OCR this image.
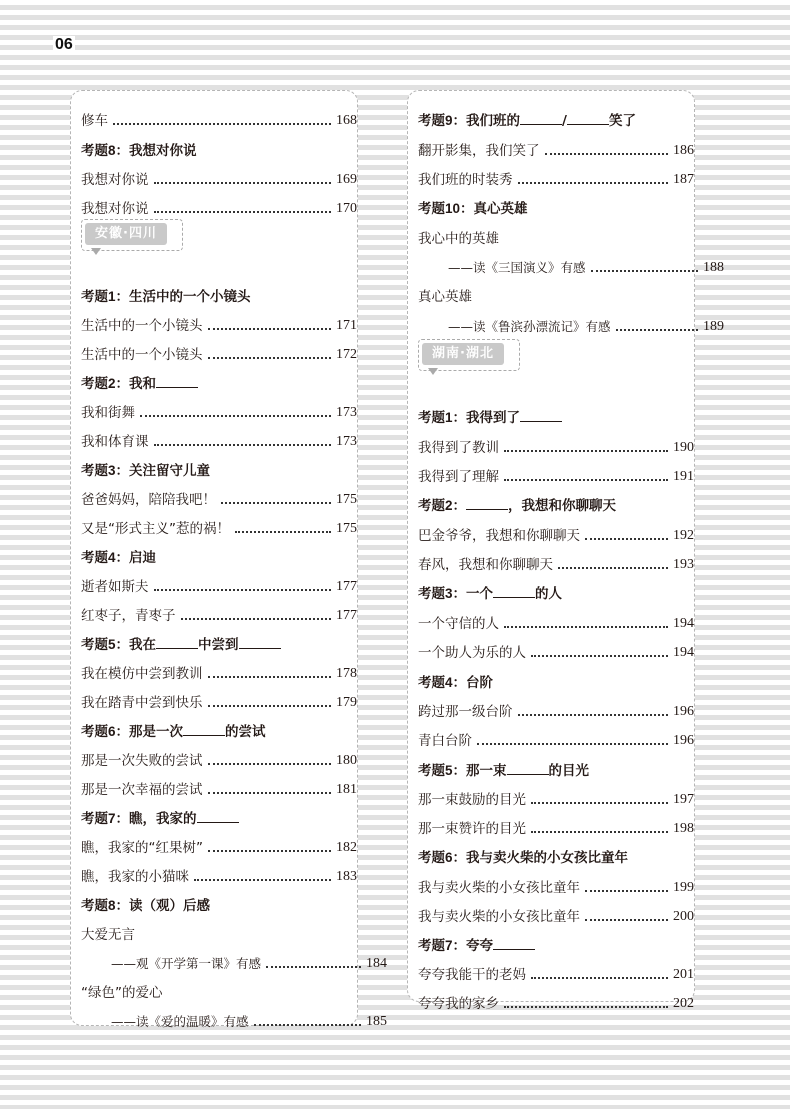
06
修车	168
考题8：我想对你说
我想对你说	169
我想对你说	170
安徽·四川
考题1：生活中的一个小镜头
生活中的一个小镜头	171
生活中的一个小镜头	172
考题2：我和
我和街舞	173
我和体育课	173
考题3：关注留守儿童
爸爸妈妈，陪陪我吧！	175
又是“形式主义”惹的祸！	175
考题4：启迪
逝者如斯夫	177
红枣子，青枣子	177
考题5：我在	中尝到
我在模仿中尝到教训	178
我在踏青中尝到快乐	179
考题6：那是一次	的尝试
那是一次失败的尝试	180
那是一次幸福的尝试	181
考题7：瞧，我家的
瞧，我家的“红果树”	182
瞧，我家的小猫咪	183
考题8：读（观）后感
大爱无言
——观《开学第一课》有感	184
“绿色”的爱心
——读《爱的温暖》有感	185
考题9：我们班的	/	笑了
翻开影集，我们笑了	186
我们班的时装秀	187
考题10：真心英雄
我心中的英雄
——读《三国演义》有感	188
真心英雄
——读《鲁滨孙漂流记》有感	189
湖南·湖北
考题1：我得到了
我得到了教训	190
我得到了理解	191
考题2：	，我想和你聊聊天
巴金爷爷，我想和你聊聊天	192
春风，我想和你聊聊天	193
考题3：一个	的人
一个守信的人	194
一个助人为乐的人	194
考题4：台阶
跨过那一级台阶	196
青白台阶	196
考题5：那一束	的目光
那一束鼓励的目光	197
那一束赞许的目光	198
考题6：我与卖火柴的小女孩比童年
我与卖火柴的小女孩比童年	199
我与卖火柴的小女孩比童年	200
考题7：夸夸
夸夸我能干的老妈	201
夸夸我的家乡	202
